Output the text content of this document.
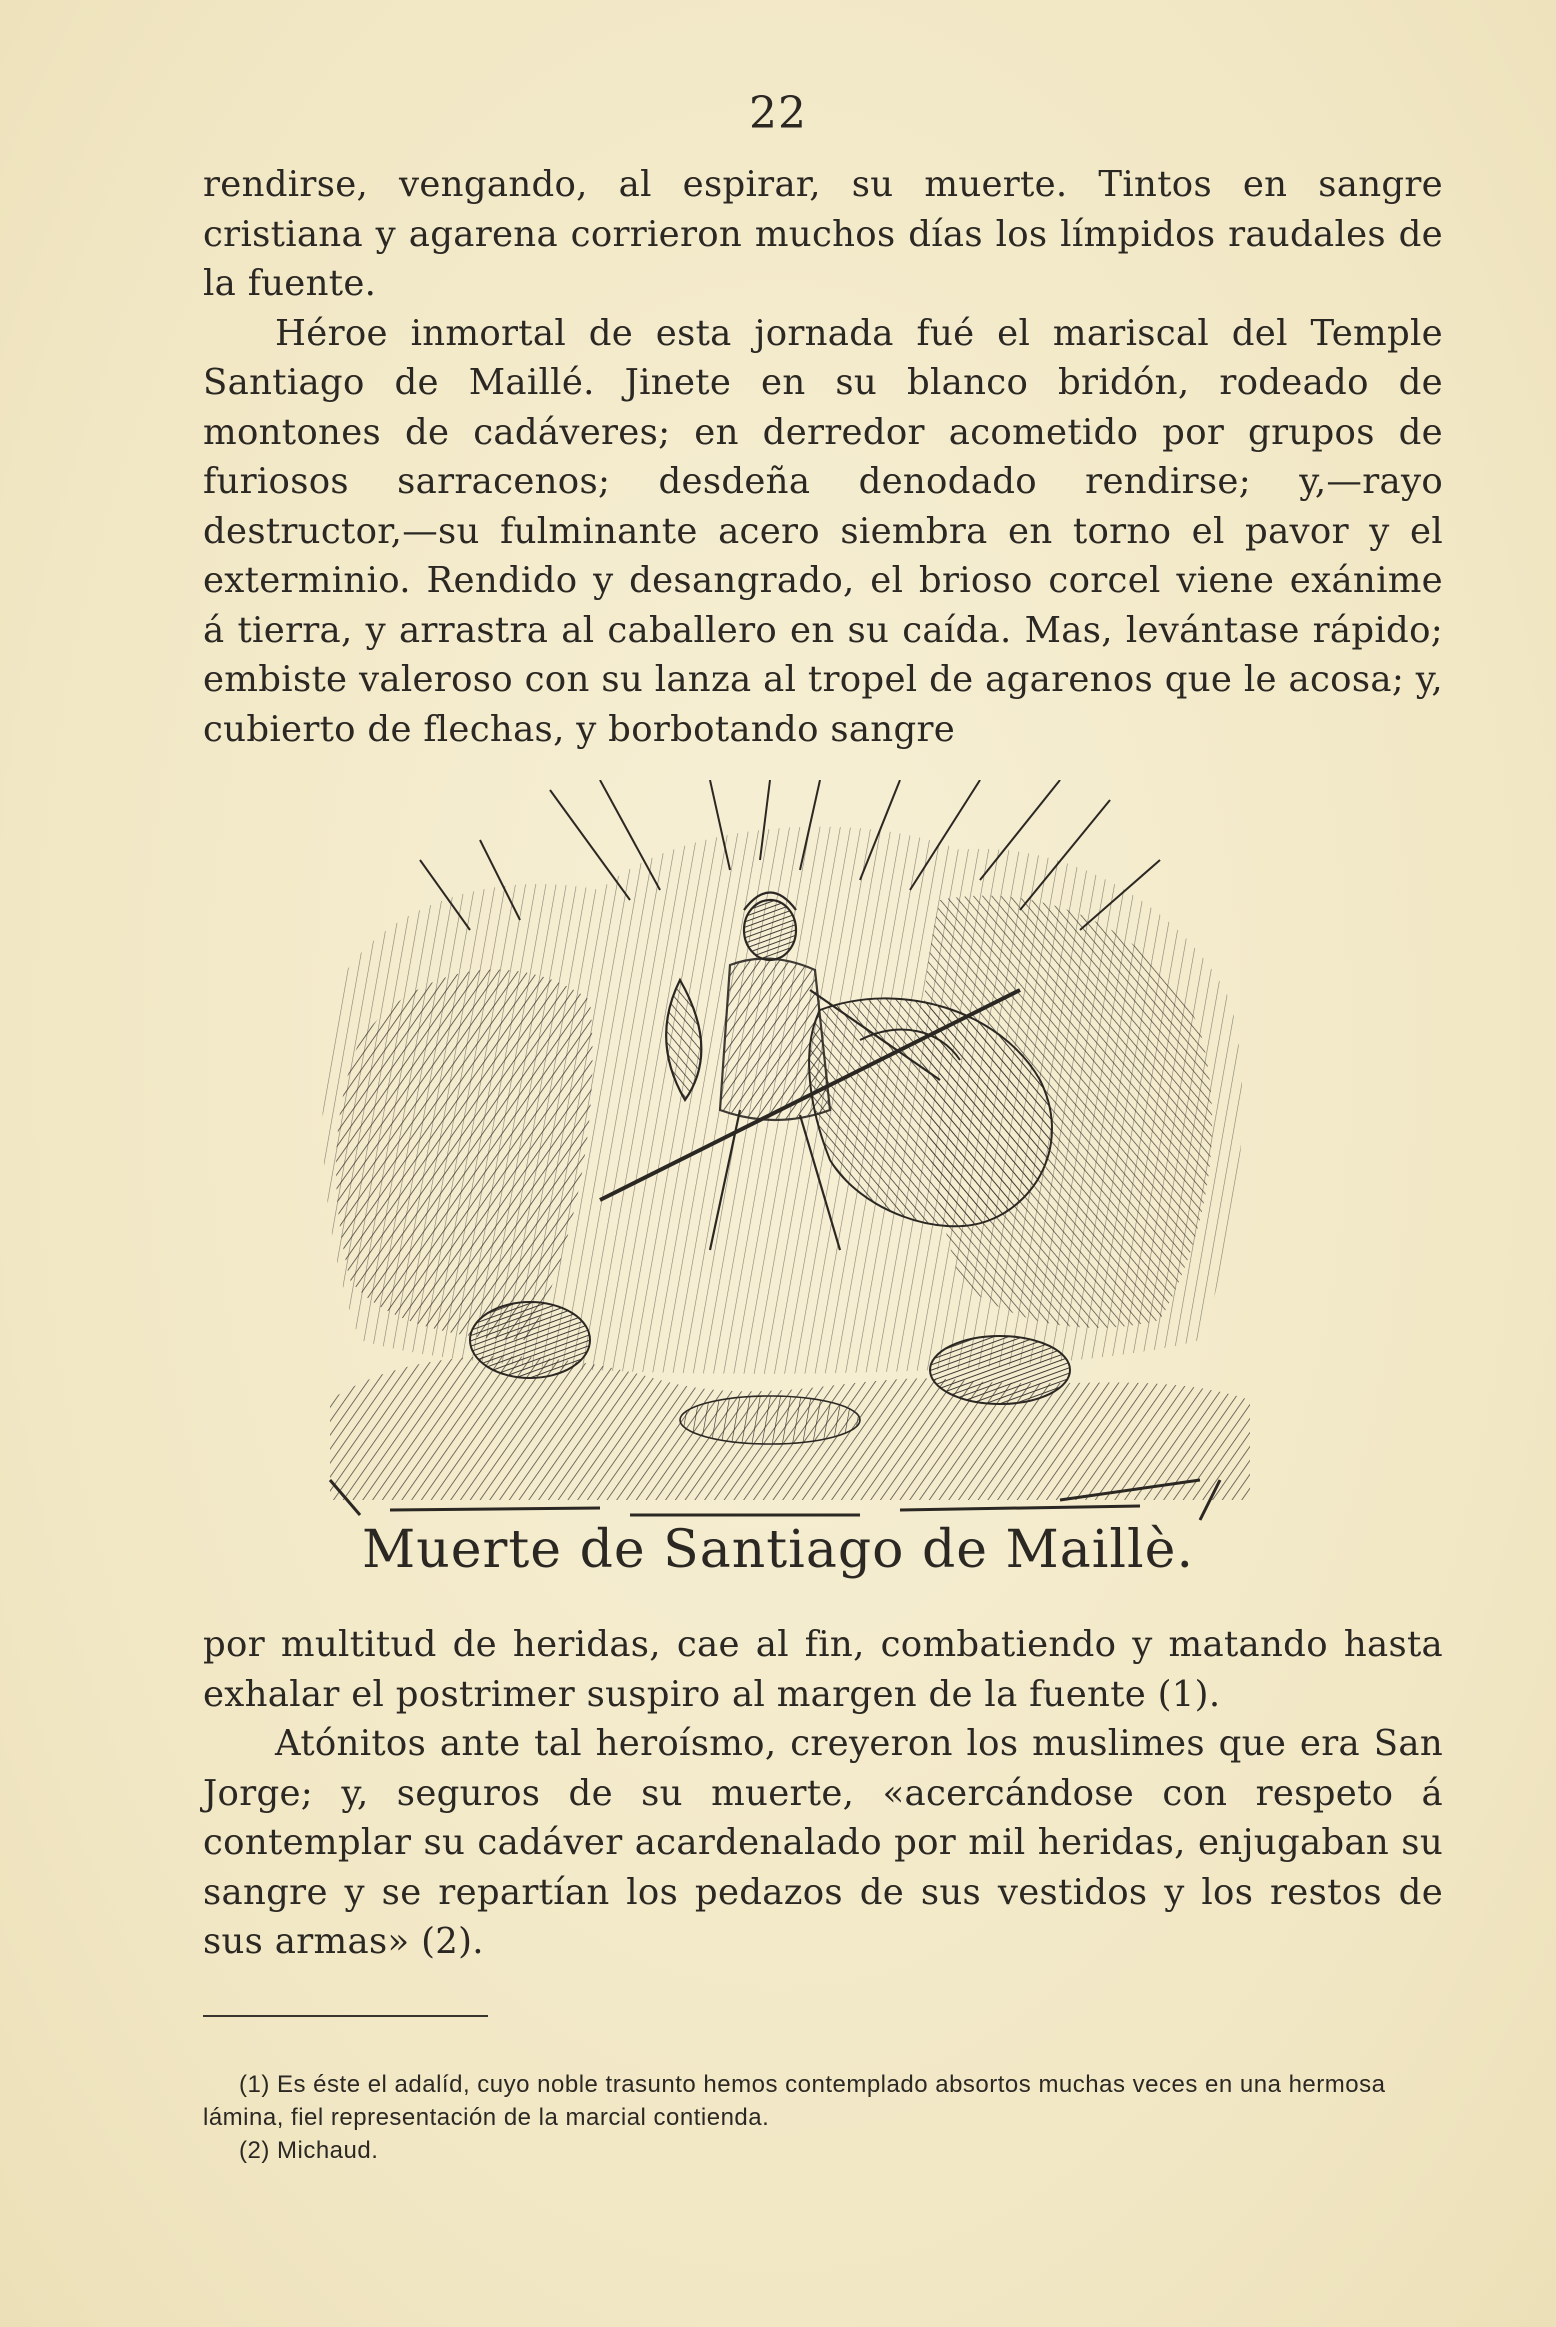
22

rendirse, vengando, al espirar, su muerte. Tintos en sangre cristiana y agarena corrieron muchos días los límpidos raudales de la fuente.

Héroe inmortal de esta jornada fué el mariscal del Temple Santiago de Maillé. Jinete en su blanco bridón, rodeado de montones de cadáveres; en derredor acometido por grupos de furiosos sarracenos; desdeña denodado rendirse; y,—rayo destructor,—su fulminante acero siembra en torno el pavor y el exterminio. Rendido y desangrado, el brioso corcel viene exánime á tierra, y arrastra al caballero en su caída. Mas, levántase rápido; embiste valeroso con su lanza al tropel de agarenos que le acosa; y, cubierto de flechas, y borbotando sangre

Muerte de Santiago de Maillè.

por multitud de heridas, cae al fin, combatiendo y matando hasta exhalar el postrimer suspiro al margen de la fuente (1).

Atónitos ante tal heroísmo, creyeron los muslimes que era San Jorge; y, seguros de su muerte, «acercándose con respeto á contemplar su cadáver acardenalado por mil heridas, enjugaban su sangre y se repartían los pedazos de sus vestidos y los restos de sus armas» (2).

(1) Es éste el adalíd, cuyo noble trasunto hemos contemplado absortos muchas veces en una hermosa lámina, fiel representación de la marcial contienda.

(2) Michaud.
